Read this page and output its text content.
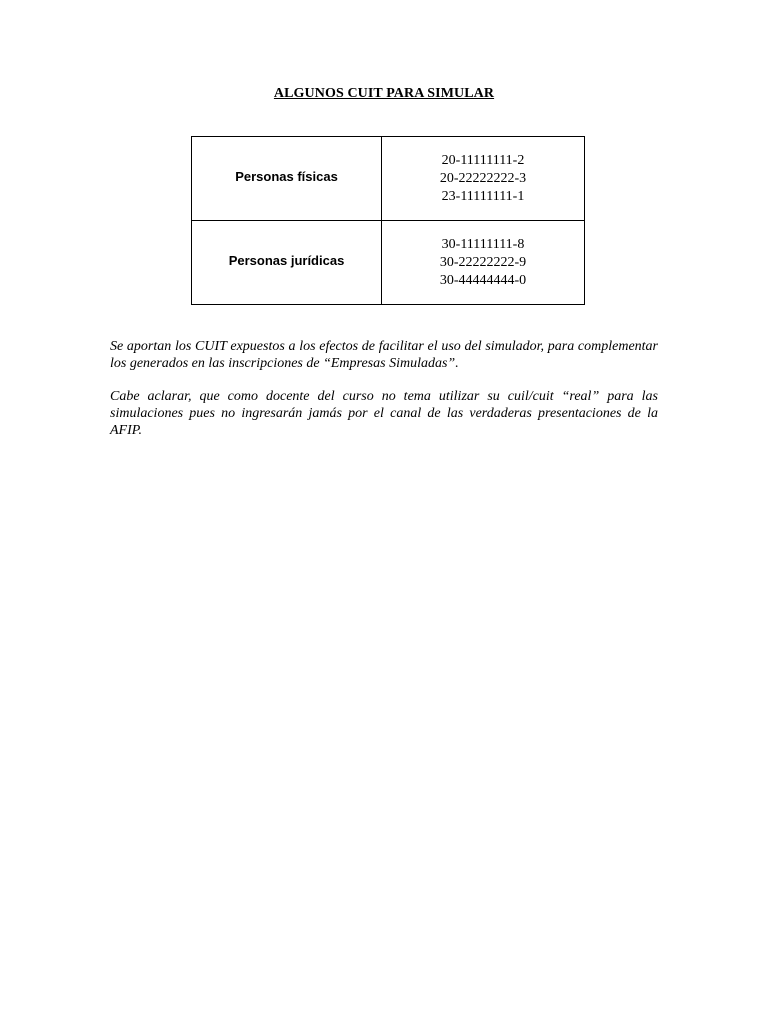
ALGUNOS CUIT PARA SIMULAR
Personas físicas	20-11111111-2
20-22222222-3
23-11111111-1

Personas jurídicas	30-11111111-8
30-22222222-9
30-44444444-0
Se aportan los CUIT expuestos a los efectos de facilitar el uso del simulador, para complementar los generados en las inscripciones de “Empresas Simuladas”.
Cabe aclarar, que como docente del curso no tema utilizar su cuil/cuit “real” para las simulaciones pues no ingresarán jamás por el canal de las verdaderas presentaciones de la AFIP.
